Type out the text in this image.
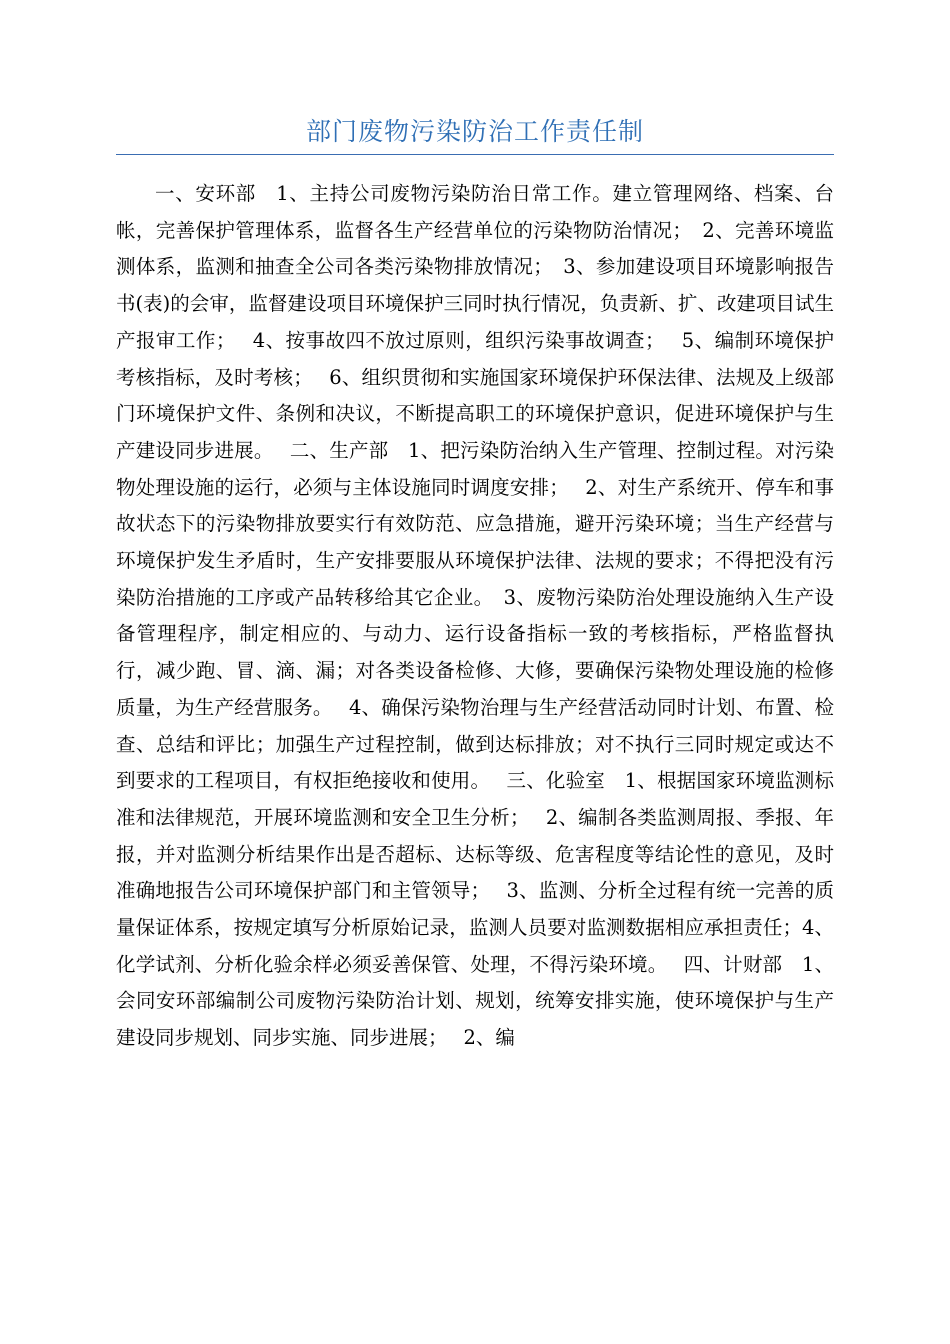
部门废物污染防治工作责任制
一、安环部　1、主持公司废物污染防治日常工作。建立管理网络、档案、台帐，完善保护管理体系，监督各生产经营单位的污染物防治情况；　2、完善环境监测体系，监测和抽查全公司各类污染物排放情况；　3、参加建设项目环境影响报告书(表)的会审，监督建设项目环境保护三同时执行情况，负责新、扩、改建项目试生产报审工作；　 4、按事故四不放过原则，组织污染事故调查；　 5、编制环境保护考核指标，及时考核；　 6、组织贯彻和实施国家环境保护环保法律、法规及上级部门环境保护文件、条例和决议，不断提高职工的环境保护意识，促进环境保护与生产建设同步进展。　 二、生产部　1、把污染防治纳入生产管理、控制过程。对污染物处理设施的运行，必须与主体设施同时调度安排；　 2、对生产系统开、停车和事故状态下的污染物排放要实行有效防范、应急措施，避开污染环境；当生产经营与环境保护发生矛盾时，生产安排要服从环境保护法律、法规的要求；不得把没有污染防治措施的工序或产品转移给其它企业。　3、废物污染防治处理设施纳入生产设备管理程序，制定相应的、与动力、运行设备指标一致的考核指标，严格监督执行，减少跑、冒、滴、漏；对各类设备检修、大修，要确保污染物处理设施的检修质量，为生产经营服务。　 4、确保污染物治理与生产经营活动同时计划、布置、检查、总结和评比；加强生产过程控制，做到达标排放；对不执行三同时规定或达不到要求的工程项目，有权拒绝接收和使用。　 三、化验室　1、根据国家环境监测标准和法律规范，开展环境监测和安全卫生分析；　 2、编制各类监测周报、季报、年报，并对监测分析结果作出是否超标、达标等级、危害程度等结论性的意见，及时准确地报告公司环境保护部门和主管领导；　 3、监测、分析全过程有统一完善的质量保证体系，按规定填写分析原始记录，监测人员要对监测数据相应承担责任；4、化学试剂、分析化验余样必须妥善保管、处理，不得污染环境。　 四、计财部　1、会同安环部编制公司废物污染防治计划、规划，统筹安排实施，使环境保护与生产建设同步规划、同步实施、同步进展；　 2、编
